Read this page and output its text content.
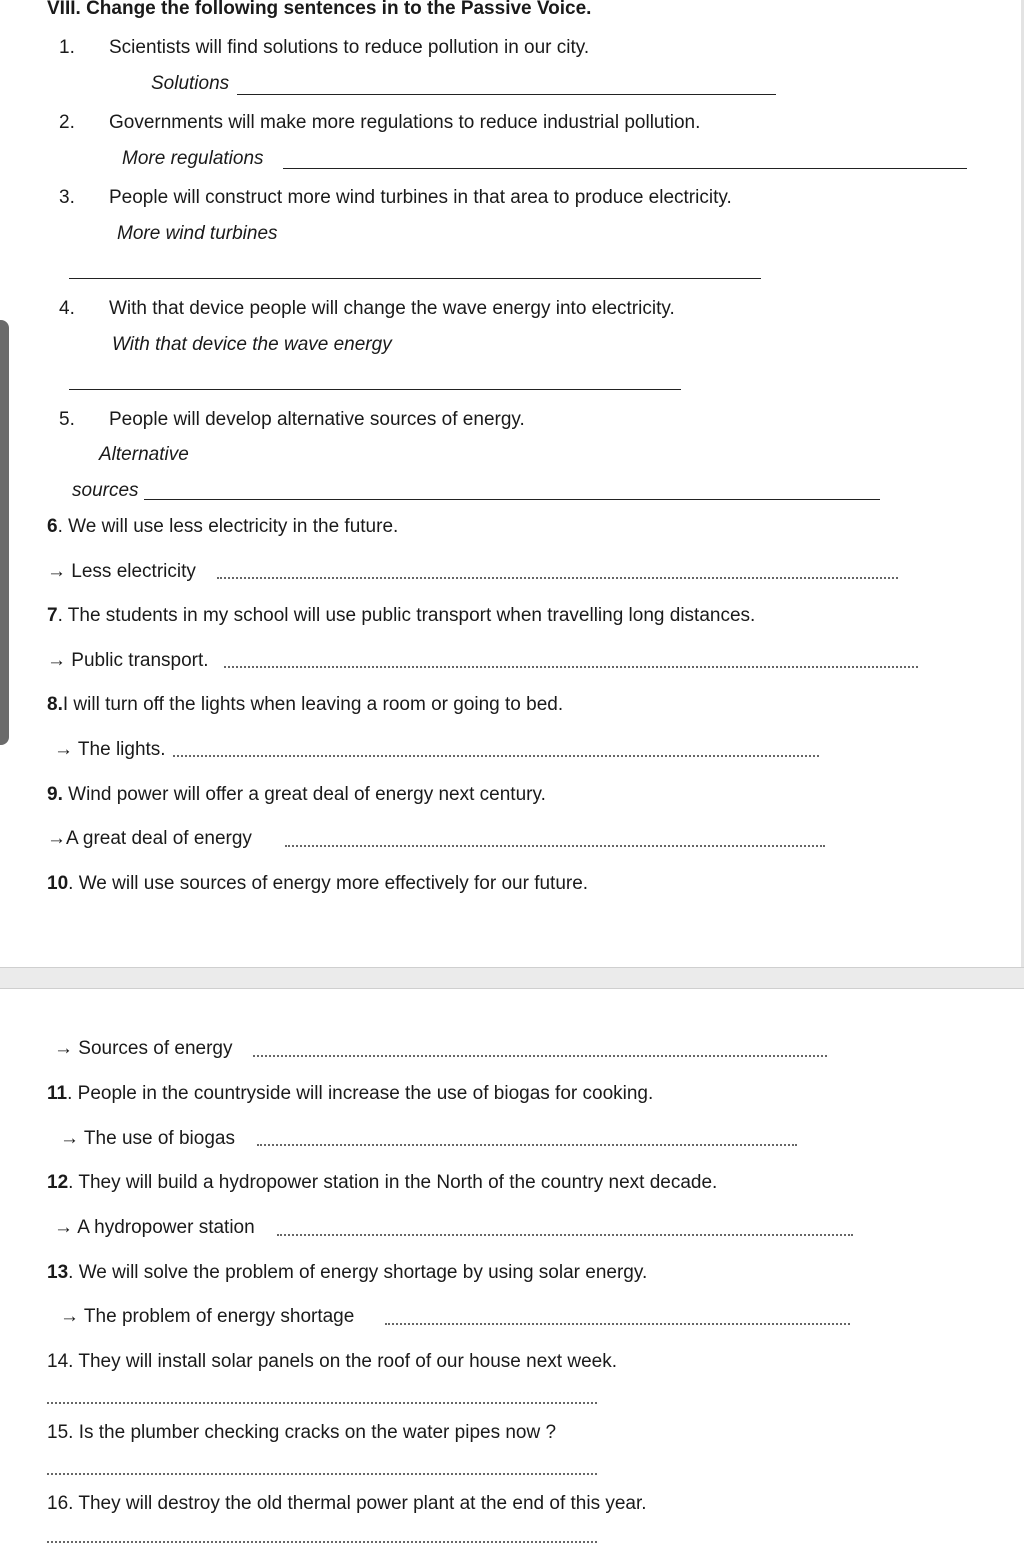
VIII. Change the following sentences in to the Passive Voice.
1. Scientists will find solutions to reduce pollution in our city.
Solutions
2. Governments will make more regulations to reduce industrial pollution.
More regulations
3. People will construct more wind turbines in that area to produce electricity.
More wind turbines
4. With that device people will change the wave energy into electricity.
With that device the wave energy
5. People will develop alternative sources of energy.
Alternative
sources
6. We will use less electricity in the future.
→ Less electricity
7. The students in my school will use public transport when travelling long distances.
→ Public transport.
8.I will turn off the lights when leaving a room or going to bed.
→ The lights.
9. Wind power will offer a great deal of energy next century.
→A great deal of energy
10. We will use sources of energy more effectively for our future.
→ Sources of energy
11. People in the countryside will increase the use of biogas for cooking.
→ The use of biogas
12. They will build a hydropower station in the North of the country next decade.
→ A hydropower station
13. We will solve the problem of energy shortage by using solar energy.
→ The problem of energy shortage
14. They will install solar panels on the roof of our house next week.
15. Is the plumber checking cracks on the water pipes now ?
16. They will destroy the old thermal power plant at the end of this year.
